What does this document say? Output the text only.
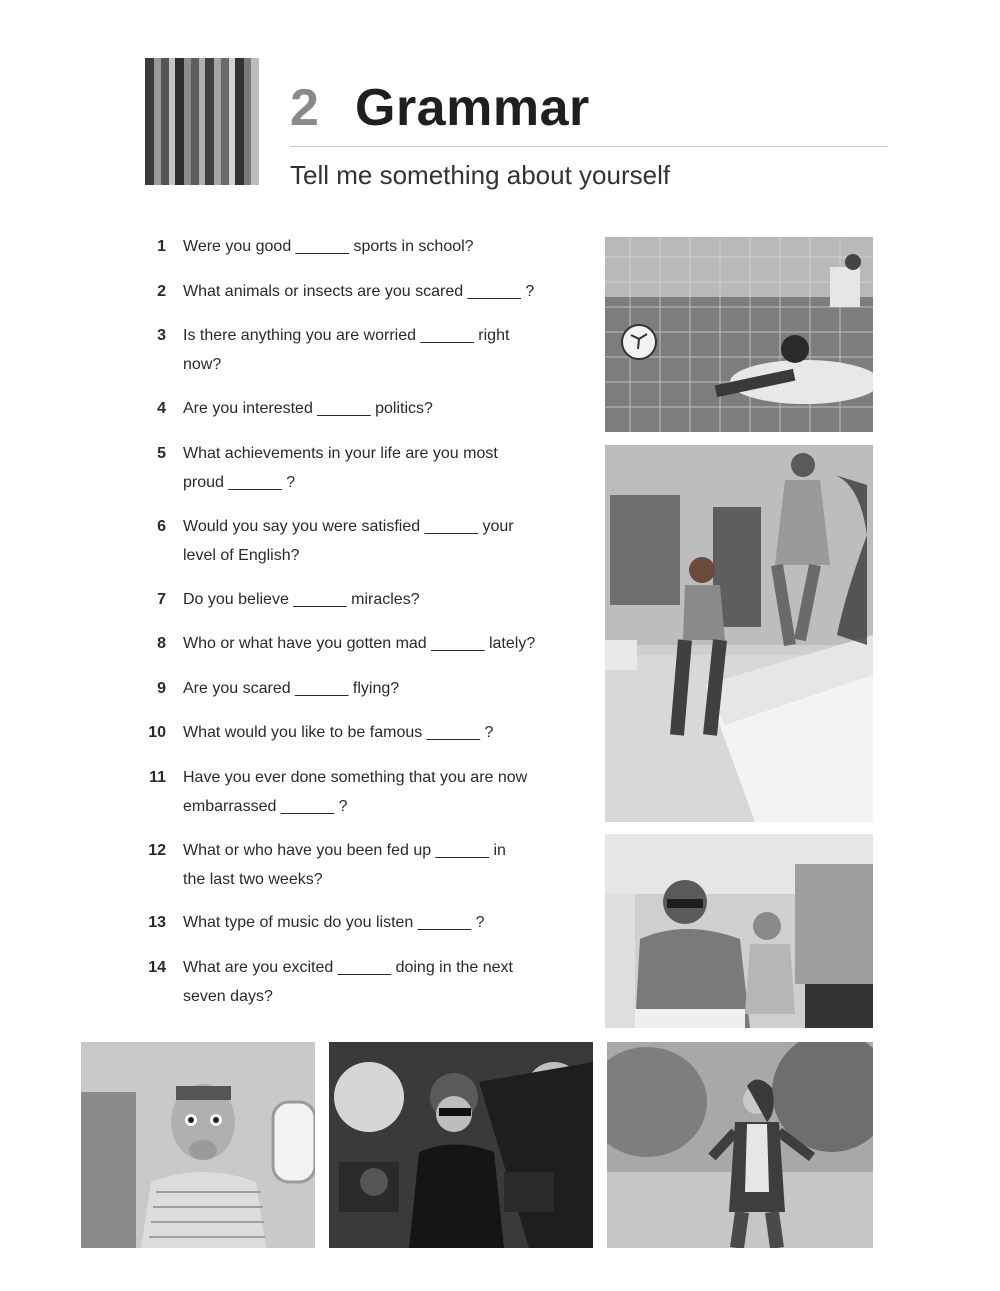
2 Grammar
Tell me something about yourself
1 Were you good ______ sports in school?
2 What animals or insects are you scared ______ ?
3 Is there anything you are worried ______ right now?
4 Are you interested ______ politics?
5 What achievements in your life are you most proud ______ ?
6 Would you say you were satisfied ______ your level of English?
7 Do you believe ______ miracles?
8 Who or what have you gotten mad ______ lately?
9 Are you scared ______ flying?
10 What would you like to be famous ______ ?
11 Have you ever done something that you are now embarrassed ______ ?
12 What or who have you been fed up ______ in the last two weeks?
13 What type of music do you listen ______ ?
14 What are you excited ______ doing in the next seven days?
